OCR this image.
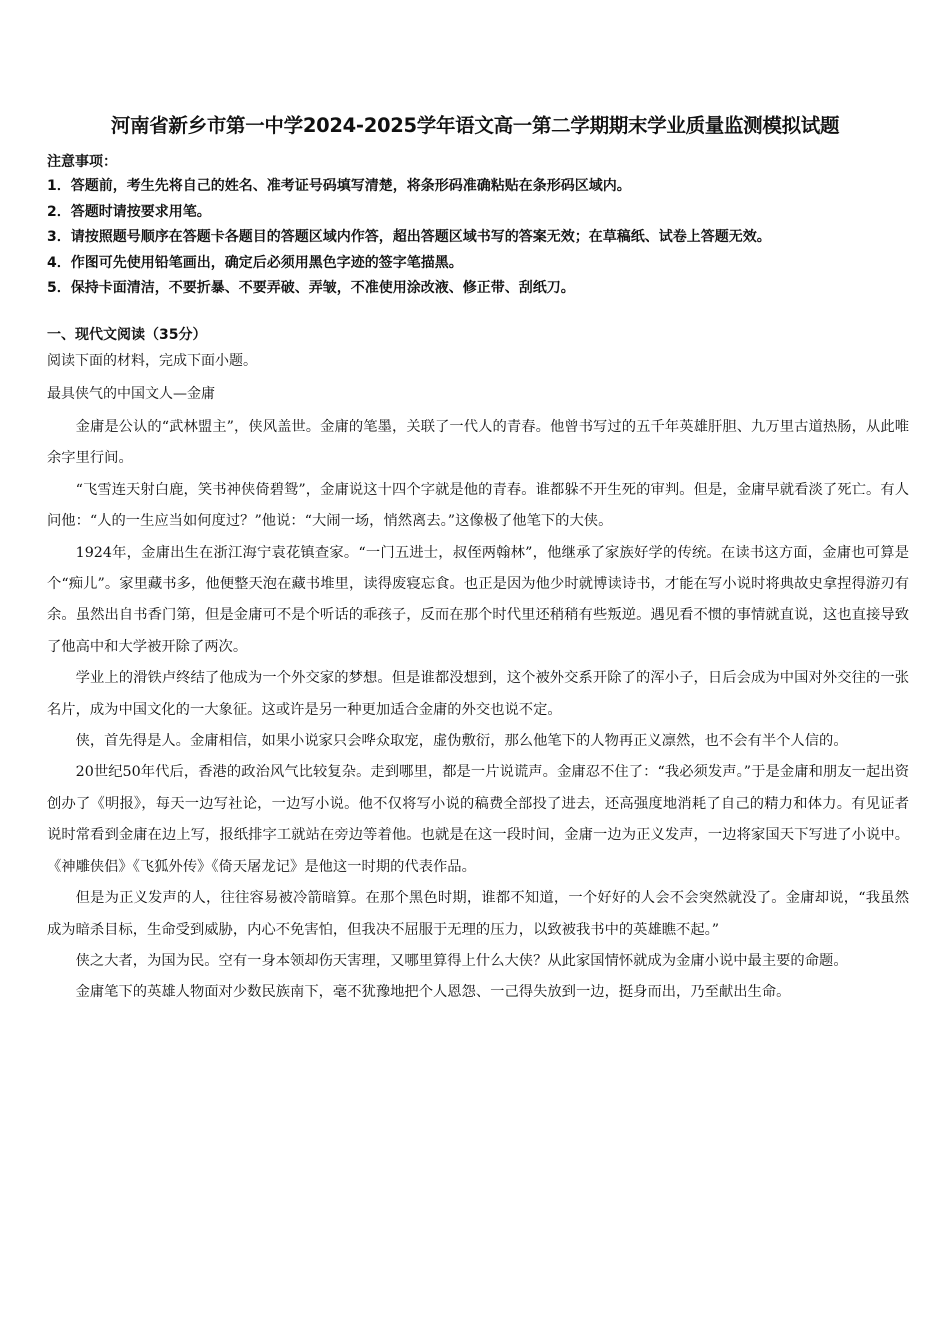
河南省新乡市第一中学2024-2025学年语文高一第二学期期末学业质量监测模拟试题
注意事项：
1．答题前，考生先将自己的姓名、准考证号码填写清楚，将条形码准确粘贴在条形码区域内。
2．答题时请按要求用笔。
3．请按照题号顺序在答题卡各题目的答题区域内作答，超出答题区域书写的答案无效；在草稿纸、试卷上答题无效。
4．作图可先使用铅笔画出，确定后必须用黑色字迹的签字笔描黑。
5．保持卡面清洁，不要折暴、不要弄破、弄皱，不准使用涂改液、修正带、刮纸刀。
一、现代文阅读（35分）
阅读下面的材料，完成下面小题。
最具侠气的中国文人—金庸

金庸是公认的“武林盟主”，侠风盖世。金庸的笔墨，关联了一代人的青春。他曾书写过的五千年英雄肝胆、九万里古道热肠，从此唯余字里行间。

“飞雪连天射白鹿，笑书神侠倚碧鸳”，金庸说这十四个字就是他的青春。谁都躲不开生死的审判。但是，金庸早就看淡了死亡。有人问他：“人的一生应当如何度过？”他说：“大闹一场，悄然离去。”这像极了他笔下的大侠。

1924年，金庸出生在浙江海宁袁花镇查家。“一门五进士，叔侄两翰林”，他继承了家族好学的传统。在读书这方面，金庸也可算是个“痴儿”。家里藏书多，他便整天泡在藏书堆里，读得废寝忘食。也正是因为他少时就博读诗书，才能在写小说时将典故史拿捏得游刃有余。虽然出自书香门第，但是金庸可不是个听话的乖孩子，反而在那个时代里还稍稍有些叛逆。遇见看不惯的事情就直说，这也直接导致了他高中和大学被开除了两次。

学业上的滑铁卢终结了他成为一个外交家的梦想。但是谁都没想到，这个被外交系开除了的浑小子，日后会成为中国对外交往的一张名片，成为中国文化的一大象征。这或许是另一种更加适合金庸的外交也说不定。

侠，首先得是人。金庸相信，如果小说家只会哗众取宠，虚伪敷衍，那么他笔下的人物再正义凛然，也不会有半个人信的。

20世纪50年代后，香港的政治风气比较复杂。走到哪里，都是一片说谎声。金庸忍不住了：“我必须发声。”于是金庸和朋友一起出资创办了《明报》，每天一边写社论，一边写小说。他不仅将写小说的稿费全部投了进去，还高强度地消耗了自己的精力和体力。有见证者说时常看到金庸在边上写，报纸排字工就站在旁边等着他。也就是在这一段时间，金庸一边为正义发声，一边将家国天下写进了小说中。《神雕侠侣》《飞狐外传》《倚天屠龙记》是他这一时期的代表作品。

但是为正义发声的人，往往容易被冷箭暗算。在那个黑色时期，谁都不知道，一个好好的人会不会突然就没了。金庸却说，“我虽然成为暗杀目标，生命受到威胁，内心不免害怕，但我决不屈服于无理的压力，以致被我书中的英雄瞧不起。”

侠之大者，为国为民。空有一身本领却伤天害理，又哪里算得上什么大侠？从此家国情怀就成为金庸小说中最主要的命题。

金庸笔下的英雄人物面对少数民族南下，毫不犹豫地把个人恩怨、一己得失放到一边，挺身而出，乃至献出生命。
